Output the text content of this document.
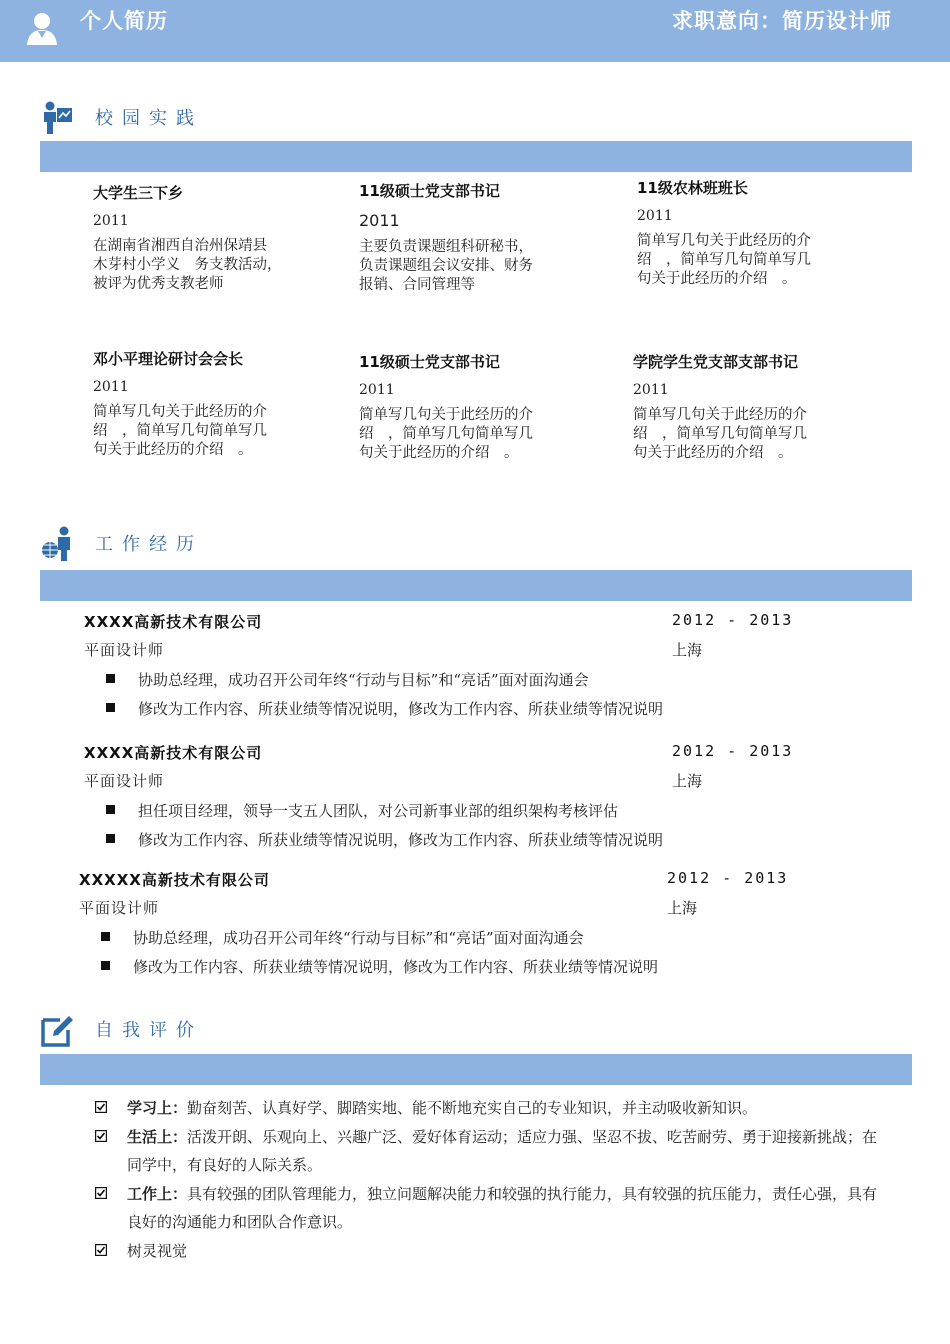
个人简历	求职意向：简历设计师
校园实践
大学生三下乡
2011
在湖南省湘西自治州保靖县
木芽村小学义　务支教活动，
被评为优秀支教老师
11级硕士党支部书记
2011
主要负责课题组科研秘书，
负责课题组会议安排、财务
报销、合同管理等
11级农林班班长
2011
简单写几句关于此经历的介
绍　，简单写几句简单写几
句关于此经历的介绍　。
邓小平理论研讨会会长
2011
简单写几句关于此经历的介
绍　，简单写几句简单写几
句关于此经历的介绍　。
11级硕士党支部书记
2011
简单写几句关于此经历的介
绍　，简单写几句简单写几
句关于此经历的介绍　。
学院学生党支部支部书记
2011
简单写几句关于此经历的介
绍　，简单写几句简单写几
句关于此经历的介绍　。
工作经历
XXXX高新技术有限公司	2012 - 2013
平面设计师	上海
协助总经理，成功召开公司年终“行动与目标”和“亮话”面对面沟通会
修改为工作内容、所获业绩等情况说明，修改为工作内容、所获业绩等情况说明
XXXX高新技术有限公司	2012 - 2013
平面设计师	上海
担任项目经理，领导一支五人团队，对公司新事业部的组织架构考核评估
修改为工作内容、所获业绩等情况说明，修改为工作内容、所获业绩等情况说明
XXXXX高新技术有限公司	2012 - 2013
平面设计师	上海
协助总经理，成功召开公司年终“行动与目标”和“亮话”面对面沟通会
修改为工作内容、所获业绩等情况说明，修改为工作内容、所获业绩等情况说明
自我评价
学习上：勤奋刻苦、认真好学、脚踏实地、能不断地充实自己的专业知识，并主动吸收新知识。
生活上：活泼开朗、乐观向上、兴趣广泛、爱好体育运动；适应力强、坚忍不拔、吃苦耐劳、勇于迎接新挑战；在同学中，有良好的人际关系。
工作上：具有较强的团队管理能力，独立问题解决能力和较强的执行能力，具有较强的抗压能力，责任心强，具有良好的沟通能力和团队合作意识。
树灵视觉
